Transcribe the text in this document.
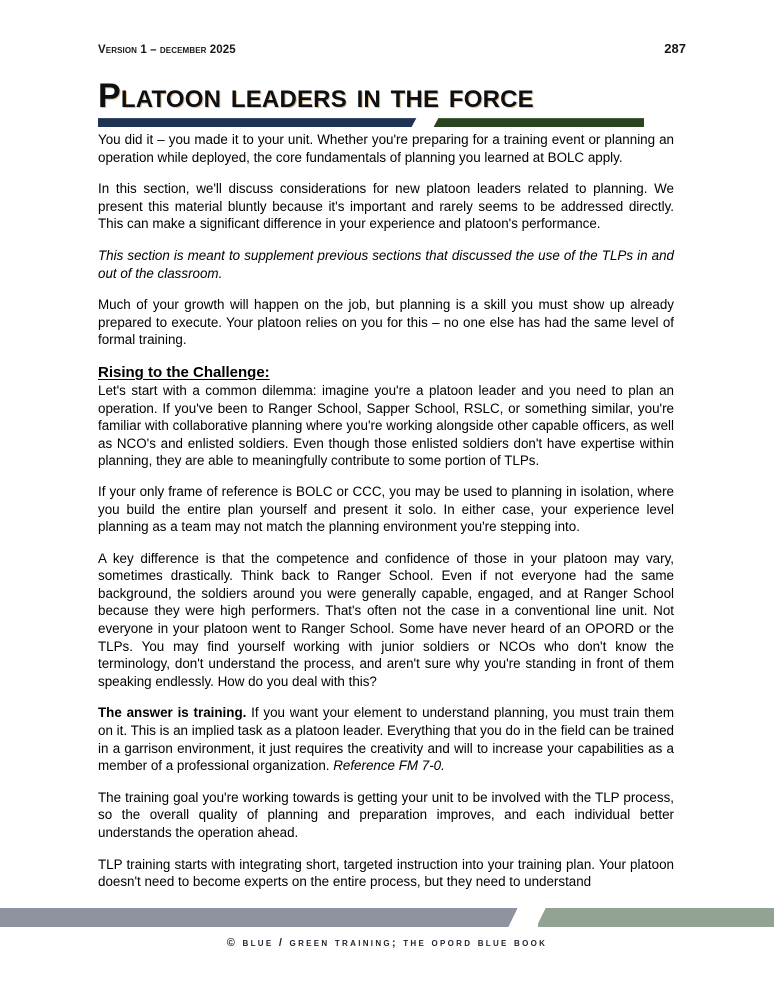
Version 1 – december 2025	287
Platoon leaders in the force

You did it – you made it to your unit. Whether you're preparing for a training event or planning an operation while deployed, the core fundamentals of planning you learned at BOLC apply.

In this section, we'll discuss considerations for new platoon leaders related to planning. We present this material bluntly because it's important and rarely seems to be addressed directly. This can make a significant difference in your experience and platoon's performance.

This section is meant to supplement previous sections that discussed the use of the TLPs in and out of the classroom.

Much of your growth will happen on the job, but planning is a skill you must show up already prepared to execute. Your platoon relies on you for this – no one else has had the same level of formal training.

Rising to the Challenge:

Let's start with a common dilemma: imagine you're a platoon leader and you need to plan an operation. If you've been to Ranger School, Sapper School, RSLC, or something similar, you're familiar with collaborative planning where you're working alongside other capable officers, as well as NCO's and enlisted soldiers. Even though those enlisted soldiers don't have expertise within planning, they are able to meaningfully contribute to some portion of TLPs.

If your only frame of reference is BOLC or CCC, you may be used to planning in isolation, where you build the entire plan yourself and present it solo. In either case, your experience level planning as a team may not match the planning environment you're stepping into.

A key difference is that the competence and confidence of those in your platoon may vary, sometimes drastically. Think back to Ranger School. Even if not everyone had the same background, the soldiers around you were generally capable, engaged, and at Ranger School because they were high performers. That's often not the case in a conventional line unit. Not everyone in your platoon went to Ranger School. Some have never heard of an OPORD or the TLPs. You may find yourself working with junior soldiers or NCOs who don't know the terminology, don't understand the process, and aren't sure why you're standing in front of them speaking endlessly. How do you deal with this?

The answer is training. If you want your element to understand planning, you must train them on it. This is an implied task as a platoon leader. Everything that you do in the field can be trained in a garrison environment, it just requires the creativity and will to increase your capabilities as a member of a professional organization. Reference FM 7-0.

The training goal you're working towards is getting your unit to be involved with the TLP process, so the overall quality of planning and preparation improves, and each individual better understands the operation ahead.

TLP training starts with integrating short, targeted instruction into your training plan. Your platoon doesn't need to become experts on the entire process, but they need to understand

© blue / green training; the opord blue book
